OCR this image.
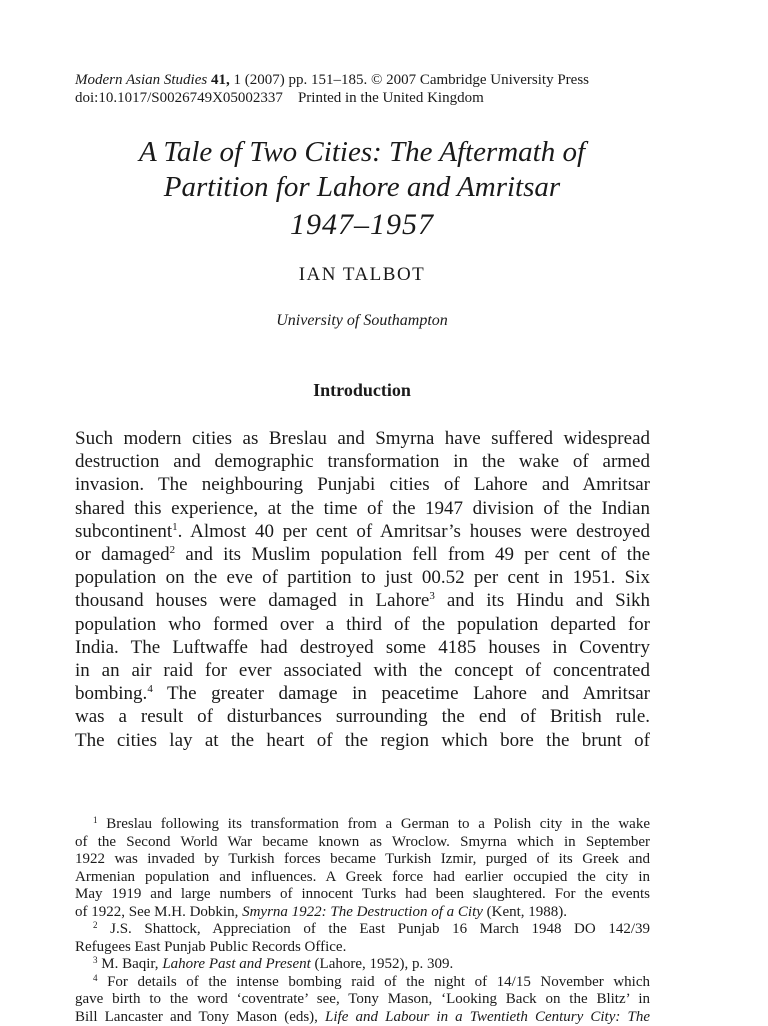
Modern Asian Studies 41, 1 (2007) pp. 151–185. © 2007 Cambridge University Press
doi:10.1017/S0026749X05002337 Printed in the United Kingdom
A Tale of Two Cities: The Aftermath of
Partition for Lahore and Amritsar
1947–1957
IAN TALBOT
University of Southampton
Introduction
Such modern cities as Breslau and Smyrna have suffered widespread
destruction and demographic transformation in the wake of armed
invasion. The neighbouring Punjabi cities of Lahore and Amritsar
shared this experience, at the time of the 1947 division of the Indian
subcontinent$^1$. Almost 40 per cent of Amritsar’s houses were destroyed
or damaged$^2$ and its Muslim population fell from 49 per cent of the
population on the eve of partition to just 00.52 per cent in 1951. Six
thousand houses were damaged in Lahore$^3$ and its Hindu and Sikh
population who formed over a third of the population departed for
India. The Luftwaffe had destroyed some 4185 houses in Coventry
in an air raid for ever associated with the concept of concentrated
bombing.$^4$ The greater damage in peacetime Lahore and Amritsar
was a result of disturbances surrounding the end of British rule.
The cities lay at the heart of the region which bore the brunt of
$^1$ Breslau following its transformation from a German to a Polish city in the wake
of the Second World War became known as Wroclow. Smyrna which in September
1922 was invaded by Turkish forces became Turkish Izmir, purged of its Greek and
Armenian population and influences. A Greek force had earlier occupied the city in
May 1919 and large numbers of innocent Turks had been slaughtered. For the events
of 1922, See M.H. Dobkin, Smyrna 1922: The Destruction of a City (Kent, 1988).
$^2$ J.S. Shattock, Appreciation of the East Punjab 16 March 1948 DO 142/39
Refugees East Punjab Public Records Office.
$^3$ M. Baqir, Lahore Past and Present (Lahore, 1952), p. 309.
$^4$ For details of the intense bombing raid of the night of 14/15 November which
gave birth to the word ‘coventrate’ see, Tony Mason, ‘Looking Back on the Blitz’ in
Bill Lancaster and Tony Mason (eds), Life and Labour in a Twentieth Century City: The
